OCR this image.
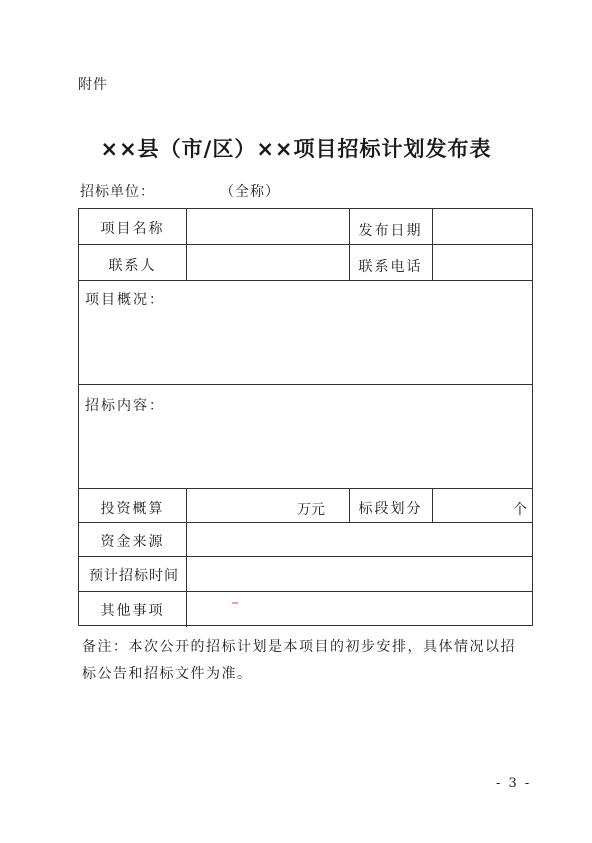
附件
××县（市/区）××项目招标计划发布表
招标单位：	（全称）
项目名称	发布日期
联系人	联系电话
项目概况：
招标内容：
投资概算	万元	标段划分	个
资金来源
预计招标时间
其他事项
备注：本次公开的招标计划是本项目的初步安排，具体情况以招标公告和招标文件为准。
- 3 -
